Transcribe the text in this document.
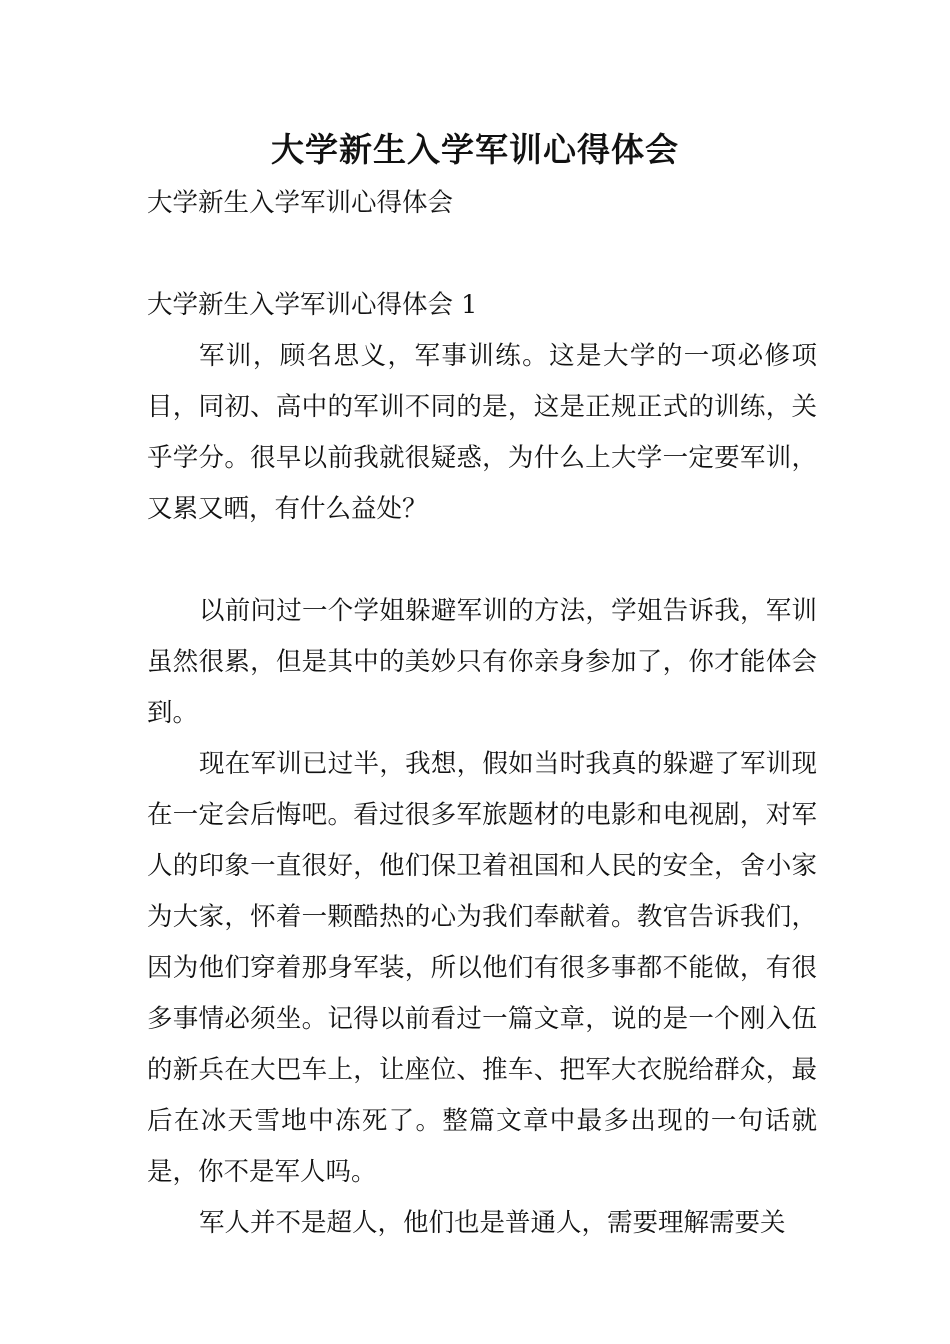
大学新生入学军训心得体会

大学新生入学军训心得体会

大学新生入学军训心得体会 1

军训，顾名思义，军事训练。这是大学的一项必修项目，同初、高中的军训不同的是，这是正规正式的训练，关乎学分。很早以前我就很疑惑，为什么上大学一定要军训，又累又晒，有什么益处？

以前问过一个学姐躲避军训的方法，学姐告诉我，军训虽然很累，但是其中的美妙只有你亲身参加了，你才能体会到。

现在军训已过半，我想，假如当时我真的躲避了军训现在一定会后悔吧。看过很多军旅题材的电影和电视剧，对军人的印象一直很好，他们保卫着祖国和人民的安全，舍小家为大家，怀着一颗酷热的心为我们奉献着。教官告诉我们，因为他们穿着那身军装，所以他们有很多事都不能做，有很多事情必须坐。记得以前看过一篇文章，说的是一个刚入伍的新兵在大巴车上，让座位、推车、把军大衣脱给群众，最后在冰天雪地中冻死了。整篇文章中最多出现的一句话就是，你不是军人吗。

军人并不是超人，他们也是普通人，需要理解需要关
